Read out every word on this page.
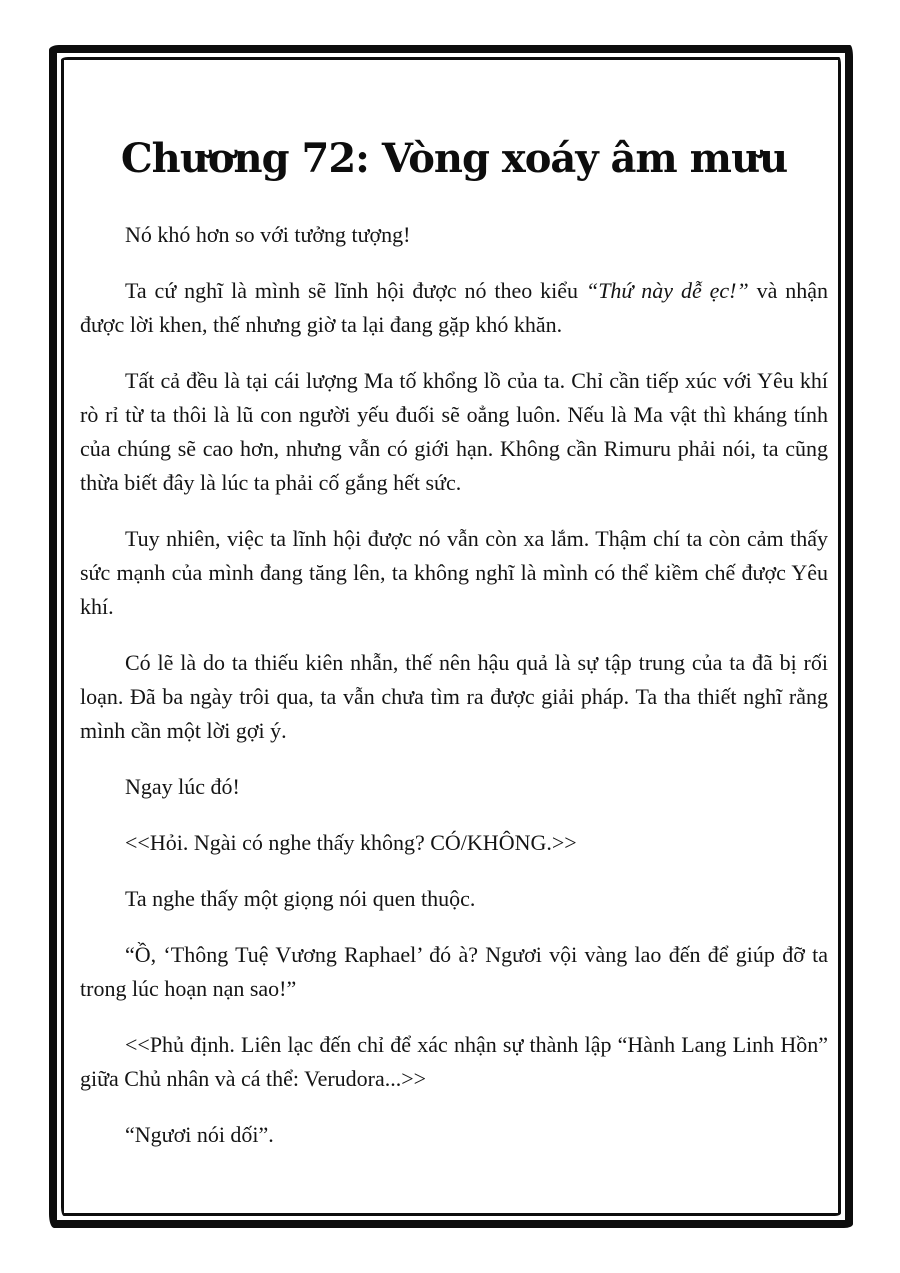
Chương 72: Vòng xoáy âm mưu

Nó khó hơn so với tưởng tượng!

Ta cứ nghĩ là mình sẽ lĩnh hội được nó theo kiểu “Thứ này dễ ẹc!” và nhận được lời khen, thế nhưng giờ ta lại đang gặp khó khăn.

Tất cả đều là tại cái lượng Ma tố khổng lồ của ta. Chỉ cần tiếp xúc với Yêu khí rò rỉ từ ta thôi là lũ con người yếu đuối sẽ oẳng luôn. Nếu là Ma vật thì kháng tính của chúng sẽ cao hơn, nhưng vẫn có giới hạn. Không cần Rimuru phải nói, ta cũng thừa biết đây là lúc ta phải cố gắng hết sức.

Tuy nhiên, việc ta lĩnh hội được nó vẫn còn xa lắm. Thậm chí ta còn cảm thấy sức mạnh của mình đang tăng lên, ta không nghĩ là mình có thể kiềm chế được Yêu khí.

Có lẽ là do ta thiếu kiên nhẫn, thế nên hậu quả là sự tập trung của ta đã bị rối loạn. Đã ba ngày trôi qua, ta vẫn chưa tìm ra được giải pháp. Ta tha thiết nghĩ rằng mình cần một lời gợi ý.

Ngay lúc đó!

<<Hỏi. Ngài có nghe thấy không? CÓ/KHÔNG.>>

Ta nghe thấy một giọng nói quen thuộc.

“Ồ, ‘Thông Tuệ Vương Raphael’ đó à? Ngươi vội vàng lao đến để giúp đỡ ta trong lúc hoạn nạn sao!”

<<Phủ định. Liên lạc đến chỉ để xác nhận sự thành lập “Hành Lang Linh Hồn” giữa Chủ nhân và cá thể: Verudora...>>

“Ngươi nói dối”.
